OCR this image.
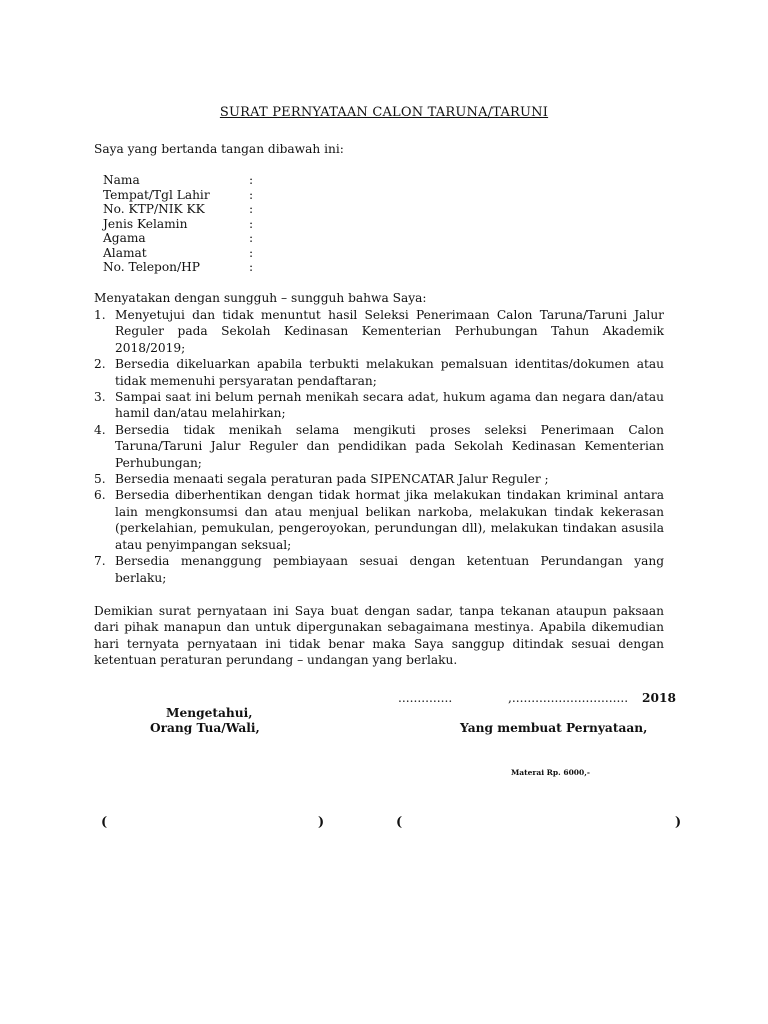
SURAT PERNYATAAN CALON TARUNA/TARUNI
Saya yang bertanda tangan dibawah ini:
Nama	:
Tempat/Tgl Lahir	:
No. KTP/NIK KK	:
Jenis Kelamin	:
Agama	:
Alamat	:
No. Telepon/HP	:
Menyatakan dengan sungguh – sungguh bahwa Saya:
1. Menyetujui dan tidak menuntut hasil Seleksi Penerimaan Calon Taruna/Taruni Jalur Reguler pada Sekolah Kedinasan Kementerian Perhubungan Tahun Akademik 2018/2019;
2. Bersedia dikeluarkan apabila terbukti melakukan pemalsuan identitas/dokumen atau tidak memenuhi persyaratan pendaftaran;
3. Sampai saat ini belum pernah menikah secara adat, hukum agama dan negara dan/atau hamil dan/atau melahirkan;
4. Bersedia tidak menikah selama mengikuti proses seleksi Penerimaan Calon Taruna/Taruni Jalur Reguler dan pendidikan pada Sekolah Kedinasan Kementerian Perhubungan;
5. Bersedia menaati segala peraturan pada SIPENCATAR Jalur Reguler ;
6. Bersedia diberhentikan dengan tidak hormat jika melakukan tindakan kriminal antara lain mengkonsumsi dan atau menjual belikan narkoba, melakukan tindak kekerasan (perkelahian, pemukulan, pengeroyokan, perundungan dll), melakukan tindakan asusila atau penyimpangan seksual;
7. Bersedia menanggung pembiayaan sesuai dengan ketentuan Perundangan yang berlaku;
Demikian surat pernyataan ini Saya buat dengan sadar, tanpa tekanan ataupun paksaan dari pihak manapun dan untuk dipergunakan sebagaimana mestinya. Apabila dikemudian hari ternyata pernyataan ini tidak benar maka Saya sanggup ditindak sesuai dengan ketentuan peraturan perundang – undangan yang berlaku.
..............	,.............................. 2018
Mengetahui,
Orang Tua/Wali,	Yang membuat Pernyataan,
Materai Rp. 6000,-
(	)	(	)
